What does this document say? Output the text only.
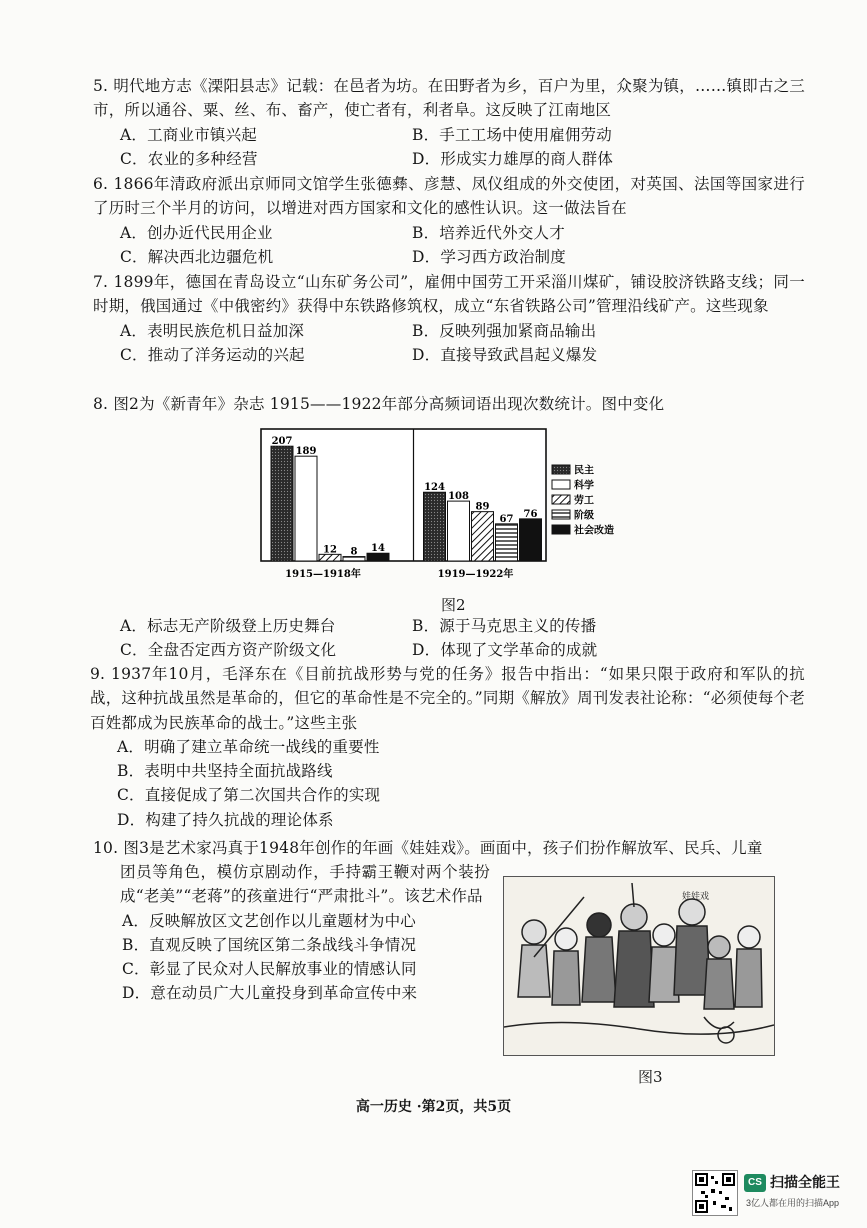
5. 明代地方志《溧阳县志》记载：在邑者为坊。在田野者为乡，百户为里，众聚为镇，……镇即古之三市，所以通谷、粟、丝、布、畜产，使亡者有，利者阜。这反映了江南地区

A．工商业市镇兴起	B．手工工场中使用雇佣劳动
C．农业的多种经营	D．形成实力雄厚的商人群体

6. 1866年清政府派出京师同文馆学生张德彝、彦慧、凤仪组成的外交使团，对英国、法国等国家进行了历时三个半月的访问，以增进对西方国家和文化的感性认识。这一做法旨在

A．创办近代民用企业	B．培养近代外交人才
C．解决西北边疆危机	D．学习西方政治制度

7. 1899年，德国在青岛设立“山东矿务公司”，雇佣中国劳工开采淄川煤矿，铺设胶济铁路支线；同一时期，俄国通过《中俄密约》获得中东铁路修筑权，成立“东省铁路公司”管理沿线矿产。这些现象

A．表明民族危机日益加深	B．反映列强加紧商品输出
C．推动了洋务运动的兴起	D．直接导致武昌起义爆发

8. 图2为《新青年》杂志 1915——1922年部分高频词语出现次数统计。图中变化

207
189
12 8 14
1915—1918年
124
108
89
67 76
1919—1922年
民主
科学
劳工
阶级
社会改造
图2
A．标志无产阶级登上历史舞台	B．源于马克思主义的传播
C．全盘否定西方资产阶级文化	D．体现了文学革命的成就

9. 1937年10月，毛泽东在《目前抗战形势与党的任务》报告中指出：“如果只限于政府和军队的抗战，这种抗战虽然是革命的，但它的革命性是不完全的。”同期《解放》周刊发表社论称：“必须使每个老百姓都成为民族革命的战士。”这些主张

A．明确了建立革命统一战线的重要性
B．表明中共坚持全面抗战路线
C．直接促成了第二次国共合作的实现
D．构建了持久抗战的理论体系

10. 图3是艺术家冯真于1948年创作的年画《娃娃戏》。画面中，孩子们扮作解放军、民兵、儿童

团员等角色，模仿京剧动作，手持霸王鞭对两个装扮成“老美”“老蒋”的孩童进行“严肃批斗”。该艺术作品

A．反映解放区文艺创作以儿童题材为中心
B．直观反映了国统区第二条战线斗争情况
C．彰显了民众对人民解放事业的情感认同
D．意在动员广大儿童投身到革命宣传中来
娃娃戏
图3
高一历史 ·第2页，共5页
CS 扫描全能王
3亿人都在用的扫描App
